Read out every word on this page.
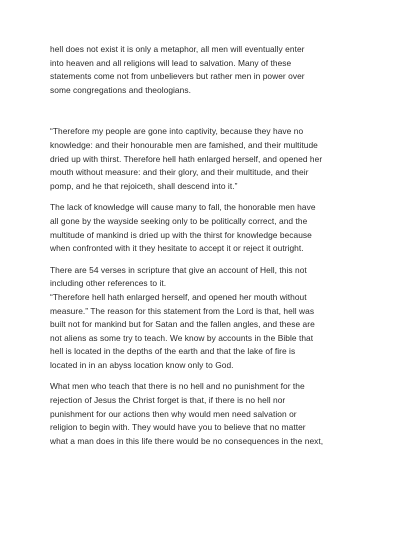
hell does not exist it is only a metaphor, all men will eventually enter
into heaven and all religions will lead to salvation. Many of these
statements come not from unbelievers but rather men in power over
some congregations and theologians.

“Therefore my people are gone into captivity, because they have no
knowledge: and their honourable men are famished, and their multitude
dried up with thirst. Therefore hell hath enlarged herself, and opened her
mouth without measure: and their glory, and their multitude, and their
pomp, and he that rejoiceth, shall descend into it.”

The lack of knowledge will cause many to fall, the honorable men have
all gone by the wayside seeking only to be politically correct, and the
multitude of mankind is dried up with the thirst for knowledge because
when confronted with it they hesitate to accept it or reject it outright.

There are 54 verses in scripture that give an account of Hell, this not
including other references to it.
“Therefore hell hath enlarged herself, and opened her mouth without
measure.” The reason for this statement from the Lord is that, hell was
built not for mankind but for Satan and the fallen angles, and these are
not aliens as some try to teach. We know by accounts in the Bible that
hell is located in the depths of the earth and that the lake of fire is
located in in an abyss location know only to God.

What men who teach that there is no hell and no punishment for the
rejection of Jesus the Christ forget is that, if there is no hell nor
punishment for our actions then why would men need salvation or
religion to begin with. They would have you to believe that no matter
what a man does in this life there would be no consequences in the next,
